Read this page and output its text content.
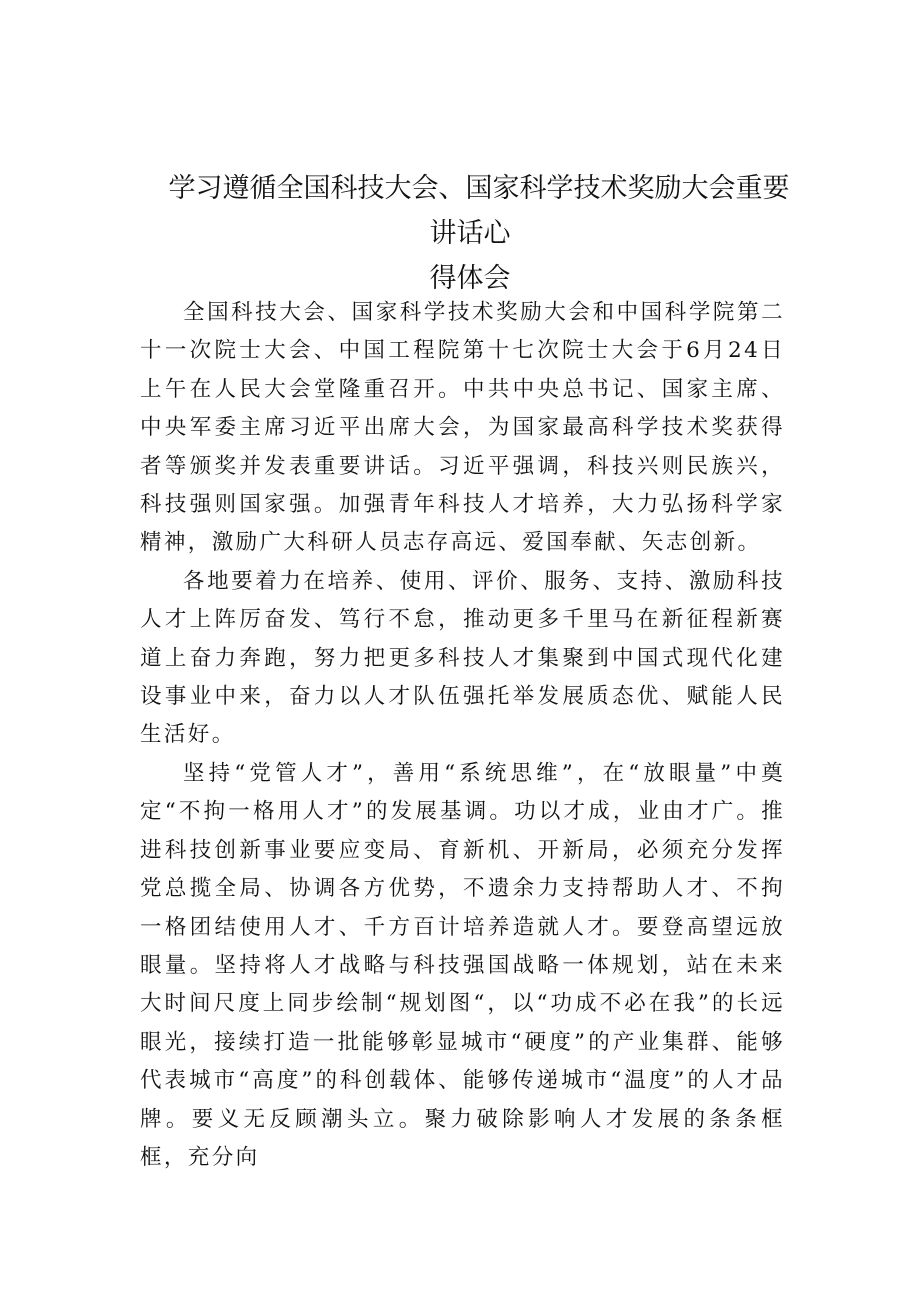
学习遵循全国科技大会、国家科学技术奖励大会重要讲话心
得体会

全国科技大会、国家科学技术奖励大会和中国科学院第二十一次院士大会、中国工程院第十七次院士大会于6月24日上午在人民大会堂隆重召开。中共中央总书记、国家主席、中央军委主席习近平出席大会，为国家最高科学技术奖获得者等颁奖并发表重要讲话。习近平强调，科技兴则民族兴，科技强则国家强。加强青年科技人才培养，大力弘扬科学家精神，激励广大科研人员志存高远、爱国奉献、矢志创新。

各地要着力在培养、使用、评价、服务、支持、激励科技人才上阵厉奋发、笃行不怠，推动更多千里马在新征程新赛道上奋力奔跑，努力把更多科技人才集聚到中国式现代化建设事业中来，奋力以人才队伍强托举发展质态优、赋能人民生活好。

坚持“党管人才”，善用“系统思维”，在“放眼量”中奠定“不拘一格用人才”的发展基调。功以才成，业由才广。推进科技创新事业要应变局、育新机、开新局，必须充分发挥党总揽全局、协调各方优势，不遗余力支持帮助人才、不拘一格团结使用人才、千方百计培养造就人才。要登高望远放眼量。坚持将人才战略与科技强国战略一体规划，站在未来大时间尺度上同步绘制“规划图“，以“功成不必在我”的长远眼光，接续打造一批能够彰显城市“硬度”的产业集群、能够代表城市“高度”的科创载体、能够传递城市“温度”的人才品牌。要义无反顾潮头立。聚力破除影响人才发展的条条框框，充分向
